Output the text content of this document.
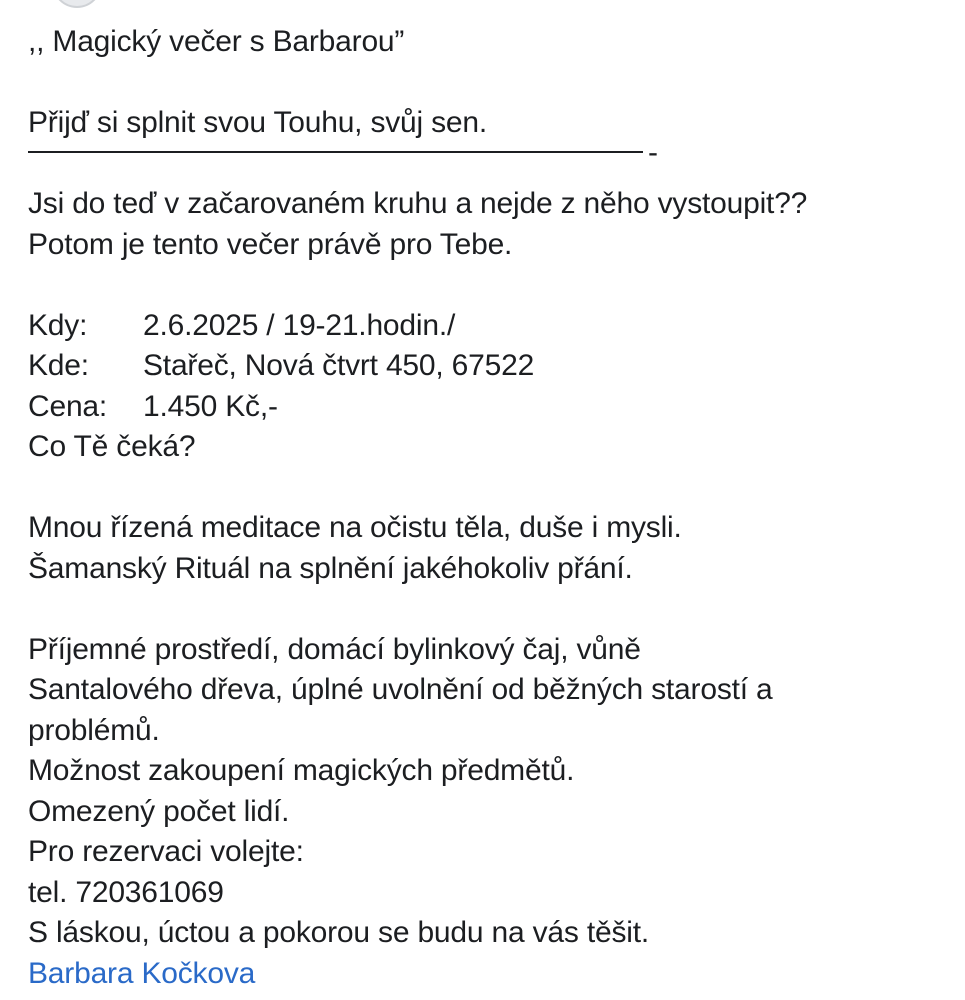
,, Magický večer s Barbarou”
Přijď si splnit svou Touhu, svůj sen.
-
Jsi do teď v začarovaném kruhu a nejde z něho vystoupit??
Potom je tento večer právě pro Tebe.
Kdy:	2.6.2025 / 19-21.hodin./
Kde:	Stařeč, Nová čtvrt 450, 67522
Cena:	1.450 Kč,-
Co Tě čeká?
Mnou řízená meditace na očistu těla, duše i mysli.
Šamanský Rituál na splnění jakéhokoliv přání.
Příjemné prostředí, domácí bylinkový čaj, vůně
Santalového dřeva, úplné uvolnění od běžných starostí a
problémů.
Možnost zakoupení magických předmětů.
Omezený počet lidí.
Pro rezervaci volejte:
tel. 720361069
S láskou, úctou a pokorou se budu na vás těšit.
Barbara Kočkova
